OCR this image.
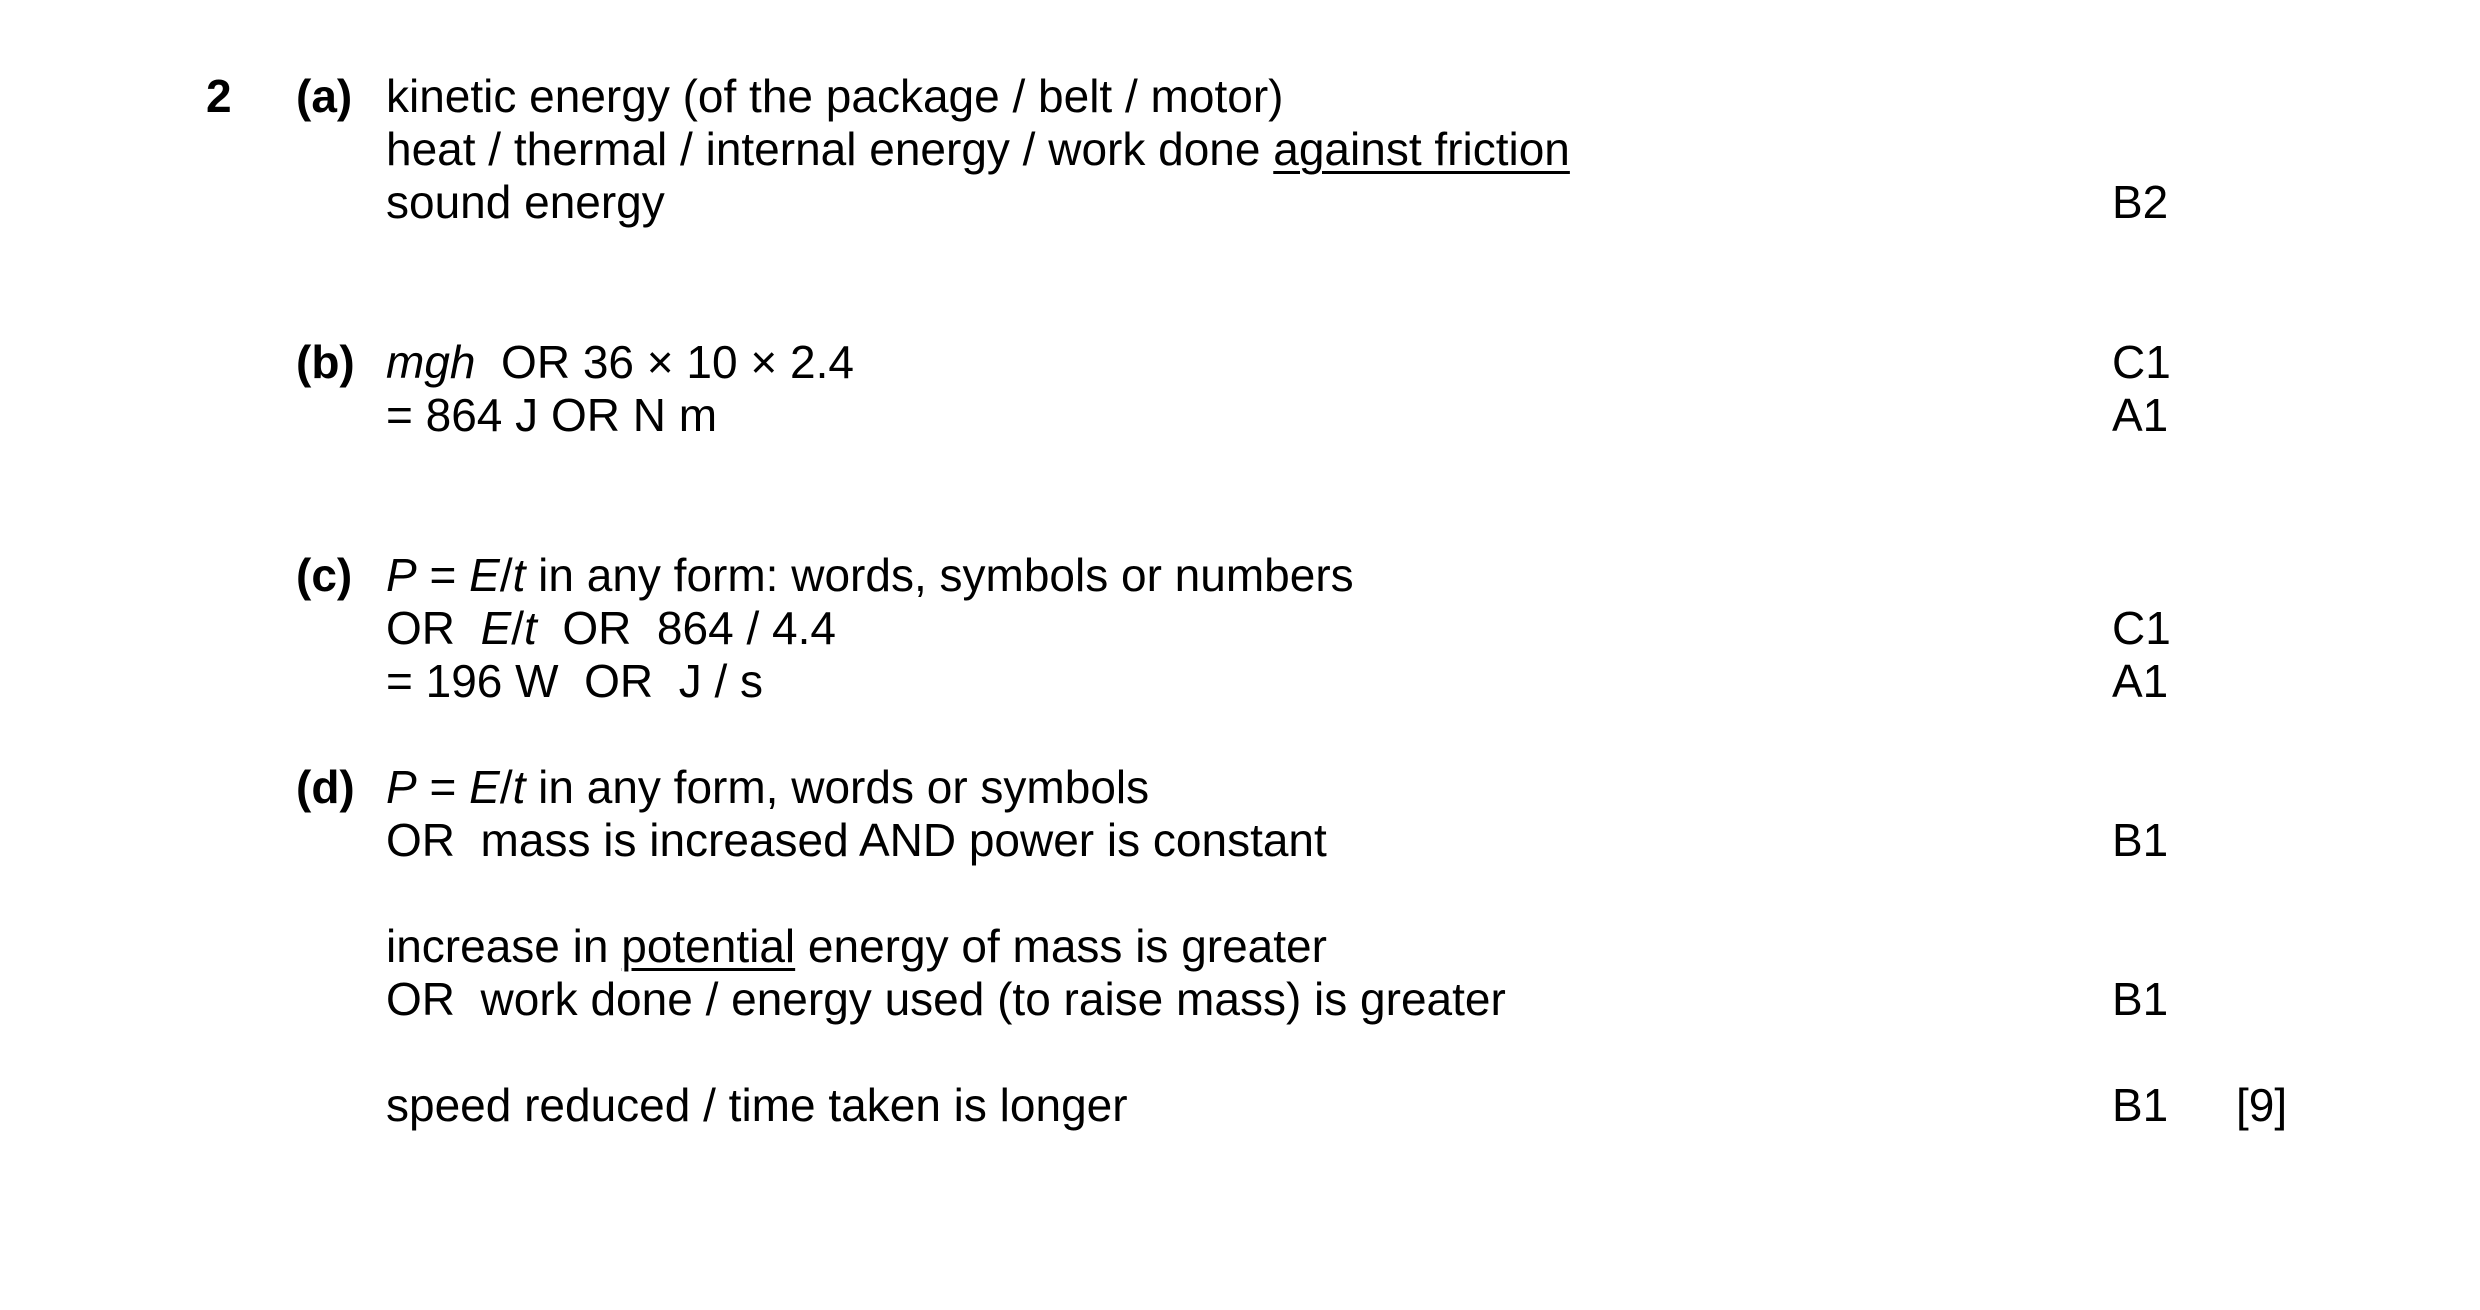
2 (a) kinetic energy (of the package / belt / motor)
heat / thermal / internal energy / work done against friction
sound energy	B2
(b) mgh  OR 36 × 10 × 2.4	C1
= 864 J OR N m	A1
(c) P = E/t in any form: words, symbols or numbers
OR  E/t  OR  864 / 4.4	C1
= 196 W  OR  J / s	A1
(d) P = E/t in any form, words or symbols
OR  mass is increased AND power is constant	B1
increase in potential energy of mass is greater
OR  work done / energy used (to raise mass) is greater	B1
speed reduced / time taken is longer	B1 [9]
